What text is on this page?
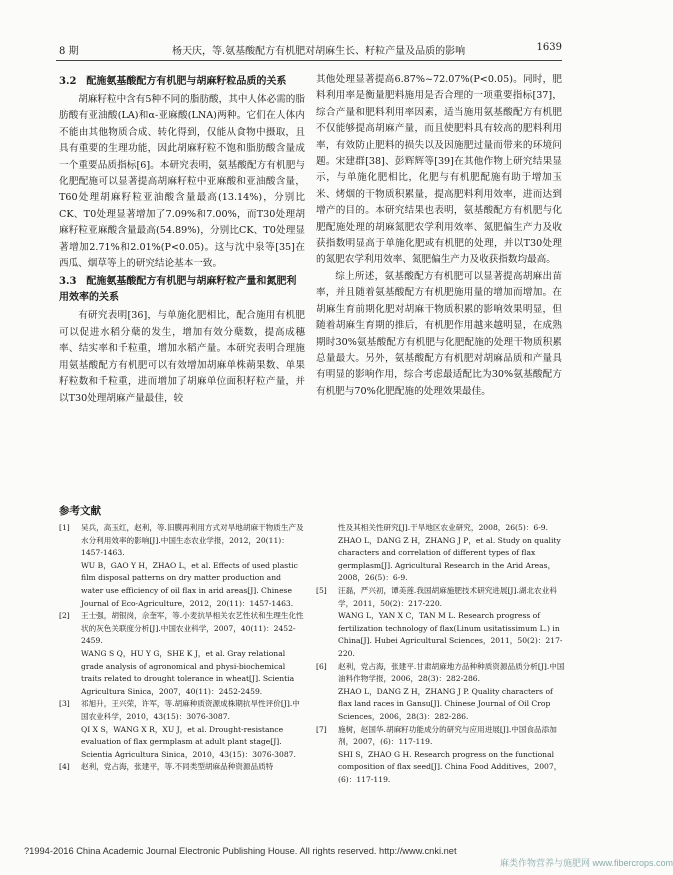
8 期	杨天庆，等.氨基酸配方有机肥对胡麻生长、籽粒产量及品质的影响	1639
3.2　配施氨基酸配方有机肥与胡麻籽粒品质的关系

胡麻籽粒中含有5种不同的脂肪酸，其中人体必需的脂肪酸有亚油酸(LA)和α-亚麻酸(LNA)两种。它们在人体内不能由其他物质合成、转化得到，仅能从食物中摄取，且具有重要的生理功能，因此胡麻籽粒不饱和脂肪酸含量成一个重要品质指标[6]。本研究表明，氨基酸配方有机肥与化肥配施可以显著提高胡麻籽粒中亚麻酸和亚油酸含量，T60处理胡麻籽粒亚油酸含量最高(13.14%)，分别比CK、T0处理显著增加了7.09%和7.00%，而T30处理胡麻籽粒亚麻酸含量最高(54.89%)，分别比CK、T0处理显著增加2.71%和2.01%(P<0.05)。这与沈中泉等[35]在西瓜、烟草等上的研究结论基本一致。

3.3　配施氨基酸配方有机肥与胡麻籽粒产量和氮肥利用效率的关系

有研究表明[36]，与单施化肥相比，配合施用有机肥可以促进水稻分蘖的发生，增加有效分蘖数，提高成穗率、结实率和千粒重，增加水稻产量。本研究表明合理施用氨基酸配方有机肥可以有效增加胡麻单株蒴果数、单果籽粒数和千粒重，进而增加了胡麻单位面积籽粒产量，并以T30处理胡麻产量最佳，较

其他处理显著提高6.87%~72.07%(P<0.05)。同时，肥料利用率是衡量肥料施用是否合理的一项重要指标[37]，综合产量和肥料利用率因素，适当施用氨基酸配方有机肥不仅能够提高胡麻产量，而且使肥料具有较高的肥料利用率，有效防止肥料的损失以及因施肥过量而带来的环境问题。宋建群[38]、彭辉辉等[39]在其他作物上研究结果显示，与单施化肥相比，化肥与有机肥配施有助于增加玉米、烤烟的干物质积累量，提高肥料利用效率，进而达到增产的目的。本研究结果也表明，氨基酸配方有机肥与化肥配施处理的胡麻氮肥农学利用效率、氮肥偏生产力及收获指数明显高于单施化肥或有机肥的处理，并以T30处理的氮肥农学利用效率、氮肥偏生产力及收获指数均最高。

综上所述，氨基酸配方有机肥可以显著提高胡麻出苗率，并且随着氨基酸配方有机肥施用量的增加而增加。在胡麻生育前期化肥对胡麻干物质积累的影响效果明显，但随着胡麻生育期的推后，有机肥作用越来越明显，在成熟期时30%氨基酸配方有机肥与化肥配施的处理干物质积累总量最大。另外，氨基酸配方有机肥对胡麻品质和产量具有明显的影响作用，综合考虑最适配比为30%氨基酸配方有机肥与70%化肥配施的处理效果最佳。

参考文献
[1] 吴兵，高玉红，赵利，等.旧膜再利用方式对旱地胡麻干物质生产及水分利用效率的影响[J].中国生态农业学报，2012，20(11)：1457-1463.
WU B，GAO Y H，ZHAO L，et al. Effects of used plastic film disposal patterns on dry matter production and water use efficiency of oil flax in arid areas[J]. Chinese Journal of Eco-Agriculture，2012，20(11)：1457-1463.
[2] 王士强，胡银岗，佘奎军，等.小麦抗旱相关农艺性状和生理生化性状的灰色关联度分析[J].中国农业科学，2007，40(11)：2452-2459.
WANG S Q，HU Y G，SHE K J，et al. Gray relational grade analysis of agronomical and physi-biochemical traits related to drought tolerance in wheat[J]. Scientia Agricultura Sinica，2007，40(11)：2452-2459.
[3] 祁旭升，王兴荣，许军，等.胡麻种质资源成株期抗旱性评价[J].中国农业科学，2010，43(15)：3076-3087.
QI X S，WANG X R，XU J，et al. Drought-resistance evaluation of flax germplasm at adult plant stage[J]. Scientia Agricultura Sinica，2010，43(15)：3076-3087.
[4] 赵利，党占海，张建平，等.不同类型胡麻品种资源品质特
性及其相关性研究[J].干旱地区农业研究，2008，26(5)：6-9.
ZHAO L，DANG Z H，ZHANG J P，et al. Study on quality characters and correlation of different types of flax germplasm[J]. Agricultural Research in the Arid Areas，2008，26(5)：6-9.
[5] 汪磊，严兴初，谭美莲.我国胡麻施肥技术研究进展[J].湖北农业科学，2011，50(2)：217-220.
WANG L，YAN X C，TAN M L. Research progress of fertilization technology of flax(Linum usitatissimum L.) in China[J]. Hubei Agricultural Sciences，2011，50(2)：217-220.
[6] 赵利，党占海，张建平.甘肃胡麻地方品种种质资源品质分析[J].中国油料作物学报，2006，28(3)：282-286.
ZHAO L，DANG Z H，ZHANG J P. Quality characters of flax land races in Gansu[J]. Chinese Journal of Oil Crop Sciences，2006，28(3)：282-286.
[7] 施树，赵国华.胡麻籽功能成分的研究与应用进展[J].中国食品添加剂，2007，(6)：117-119.
SHI S，ZHAO G H. Research progress on the functional composition of flax seed[J]. China Food Additives，2007，(6)：117-119.
?1994-2016 China Academic Journal Electronic Publishing House. All rights reserved. http://www.cnki.net
麻类作物营养与施肥网 www.fibercrops.com
